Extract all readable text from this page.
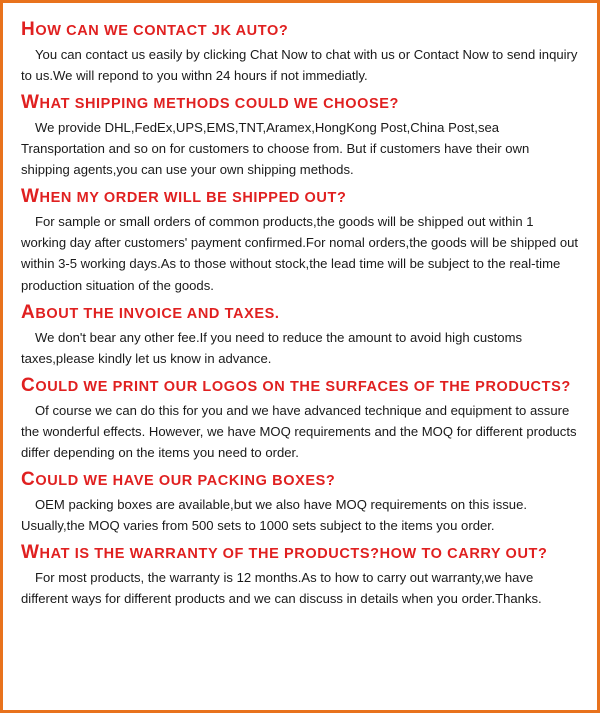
HOW CAN WE CONTACT JK AUTO?
You can contact us easily by clicking Chat Now to chat with us or Contact Now to send inquiry to us.We will repond to you withn 24 hours if not immediatly.
WHAT SHIPPING METHODS COULD WE CHOOSE?
We provide DHL,FedEx,UPS,EMS,TNT,Aramex,HongKong Post,China Post,sea Transportation and so on for customers to choose from. But if customers have their own shipping agents,you can use your own shipping methods.
WHEN MY ORDER WILL BE SHIPPED OUT?
For sample or small orders of common products,the goods will be shipped out within 1 working day after customers' payment confirmed.For nomal orders,the goods will be shipped out within 3-5 working days.As to those without stock,the lead time will be subject to the real-time production situation of the goods.
ABOUT THE INVOICE AND TAXES.
We don't bear any other fee.If you need to reduce the amount to avoid high customs taxes,please kindly let us know in advance.
COULD WE PRINT OUR LOGOS ON THE SURFACES OF THE PRODUCTS?
Of course we can do this for you and we have advanced technique and equipment to assure the wonderful effects. However, we have MOQ requirements and the MOQ for different products differ depending on the items you need to order.
COULD WE HAVE OUR PACKING BOXES?
OEM packing boxes are available,but we also have MOQ requirements on this issue. Usually,the MOQ varies from 500 sets to 1000 sets subject to the items you order.
WHAT IS THE WARRANTY OF THE PRODUCTS?HOW TO CARRY OUT?
For most products, the warranty is 12 months.As to how to carry out warranty,we have different ways for different products and we can discuss in details when you order.Thanks.
